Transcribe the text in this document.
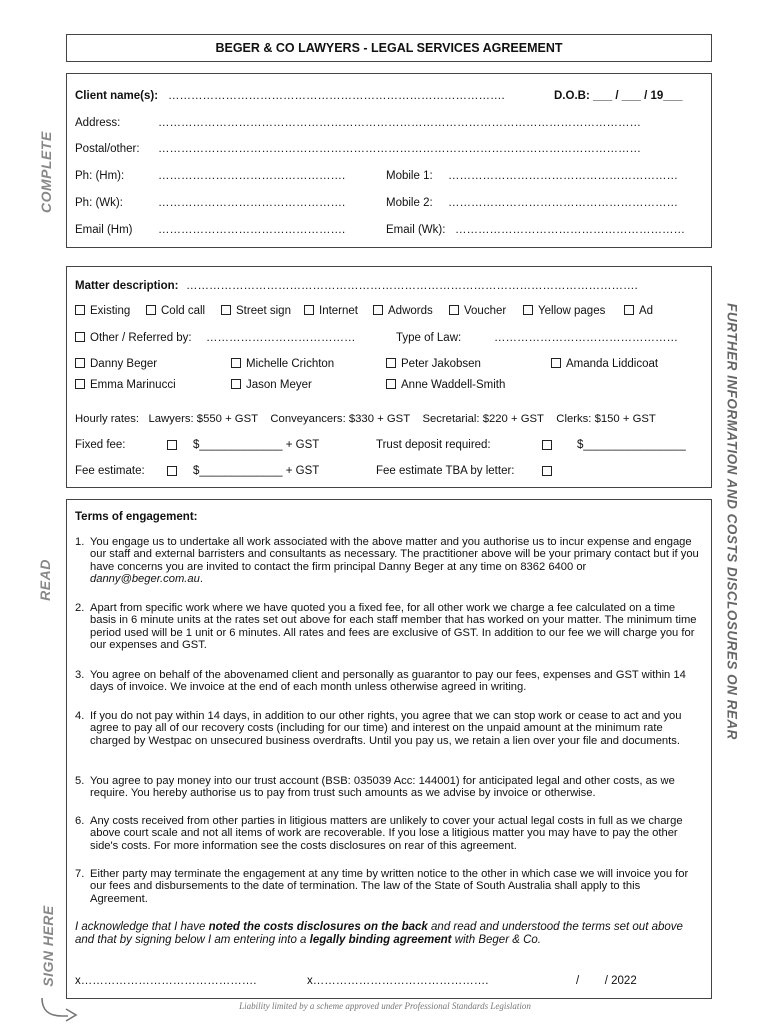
BEGER & CO LAWYERS - LEGAL SERVICES AGREEMENT
COMPLETE
READ
SIGN HERE
FURTHER INFORMATION AND COSTS DISCLOSURES ON REAR
Client name(s): …………………………………………………………………………….	D.O.B: ___ / ___ / 19___
Address:	………………………………………………………………………………………………………………
Postal/other: ………………………………………………………………………………………………………………
Ph: (Hm):	………………………………………….	Mobile 1: ……………………………………………………
Ph: (Wk):	………………………………………….	Mobile 2: ……………………………………………………
Email (Hm) ………………………………………….	Email (Wk): ……………………………………………………
Matter description: ……………………………………………………………………………………………………….
Existing	Cold call	Street sign	Internet	Adwords	Voucher	Yellow pages	Ad
Other / Referred by: …………………………………	Type of Law:	…………………………………………
Danny Beger	Michelle Crichton	Peter Jakobsen	Amanda Liddicoat
Emma Marinucci	Jason Meyer	Anne Waddell-Smith
Hourly rates:   Lawyers: $550 + GST    Conveyancers: $330 + GST    Secretarial: $220 + GST    Clerks: $150 + GST
Fixed fee:	$_____________ + GST	Trust deposit required:	$________________
Fee estimate:	$_____________ + GST	Fee estimate TBA by letter:
Terms of engagement:
1. You engage us to undertake all work associated with the above matter and you authorise us to incur expense and engage our staff and external barristers and consultants as necessary. The practitioner above will be your primary contact but if you have concerns you are invited to contact the firm principal Danny Beger at any time on 8362 6400 or danny@beger.com.au.
2. Apart from specific work where we have quoted you a fixed fee, for all other work we charge a fee calculated on a time basis in 6 minute units at the rates set out above for each staff member that has worked on your matter. The minimum time period used will be 1 unit or 6 minutes. All rates and fees are exclusive of GST. In addition to our fee we will charge you for our expenses and GST.
3. You agree on behalf of the abovenamed client and personally as guarantor to pay our fees, expenses and GST within 14 days of invoice. We invoice at the end of each month unless otherwise agreed in writing.
4. If you do not pay within 14 days, in addition to our other rights, you agree that we can stop work or cease to act and you agree to pay all of our recovery costs (including for our time) and interest on the unpaid amount at the minimum rate charged by Westpac on unsecured business overdrafts. Until you pay us, we retain a lien over your file and documents.
5. You agree to pay money into our trust account (BSB: 035039 Acc: 144001) for anticipated legal and other costs, as we require. You hereby authorise us to pay from trust such amounts as we advise by invoice or otherwise.
6. Any costs received from other parties in litigious matters are unlikely to cover your actual legal costs in full as we charge above court scale and not all items of work are recoverable. If you lose a litigious matter you may have to pay the other side's costs. For more information see the costs disclosures on rear of this agreement.
7. Either party may terminate the engagement at any time by written notice to the other in which case we will invoice you for our fees and disbursements to the date of termination. The law of the State of South Australia shall apply to this Agreement.
I acknowledge that I have noted the costs disclosures on the back and read and understood the terms set out above and that by signing below I am entering into a legally binding agreement with Beger & Co.
x……………………………………….	x……………………………………….	/        / 2022
Liability limited by a scheme approved under Professional Standards Legislation
